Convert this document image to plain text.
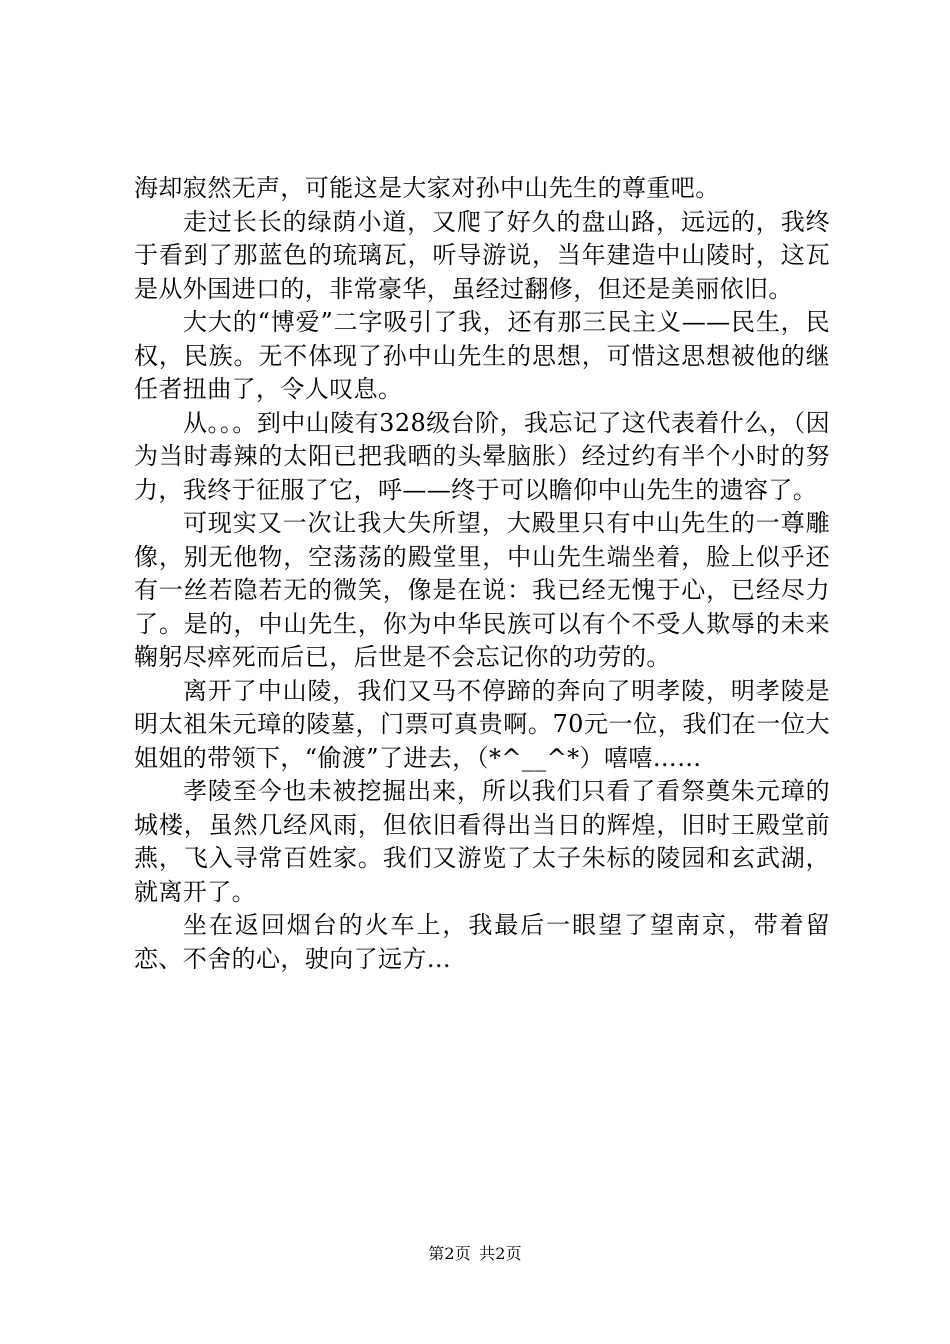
海却寂然无声，可能这是大家对孙中山先生的尊重吧。

走过长长的绿荫小道，又爬了好久的盘山路，远远的，我终于看到了那蓝色的琉璃瓦，听导游说，当年建造中山陵时，这瓦是从外国进口的，非常豪华，虽经过翻修，但还是美丽依旧。

大大的“博爱”二字吸引了我，还有那三民主义——民生，民权，民族。无不体现了孙中山先生的思想，可惜这思想被他的继任者扭曲了，令人叹息。

从。。。到中山陵有328级台阶，我忘记了这代表着什么，（因为当时毒辣的太阳已把我晒的头晕脑胀）经过约有半个小时的努力，我终于征服了它，呼——终于可以瞻仰中山先生的遗容了。

可现实又一次让我大失所望，大殿里只有中山先生的一尊雕像，别无他物，空荡荡的殿堂里，中山先生端坐着，脸上似乎还有一丝若隐若无的微笑，像是在说：我已经无愧于心，已经尽力了。是的，中山先生，你为中华民族可以有个不受人欺辱的未来鞠躬尽瘁死而后已，后世是不会忘记你的功劳的。

离开了中山陵，我们又马不停蹄的奔向了明孝陵，明孝陵是明太祖朱元璋的陵墓，门票可真贵啊。70元一位，我们在一位大姐姐的带领下，“偷渡”了进去，（*^__^*）嘻嘻……

孝陵至今也未被挖掘出来，所以我们只看了看祭奠朱元璋的城楼，虽然几经风雨，但依旧看得出当日的辉煌，旧时王殿堂前燕，飞入寻常百姓家。我们又游览了太子朱标的陵园和玄武湖，就离开了。

坐在返回烟台的火车上，我最后一眼望了望南京，带着留恋、不舍的心，驶向了远方…

第2页 共2页
